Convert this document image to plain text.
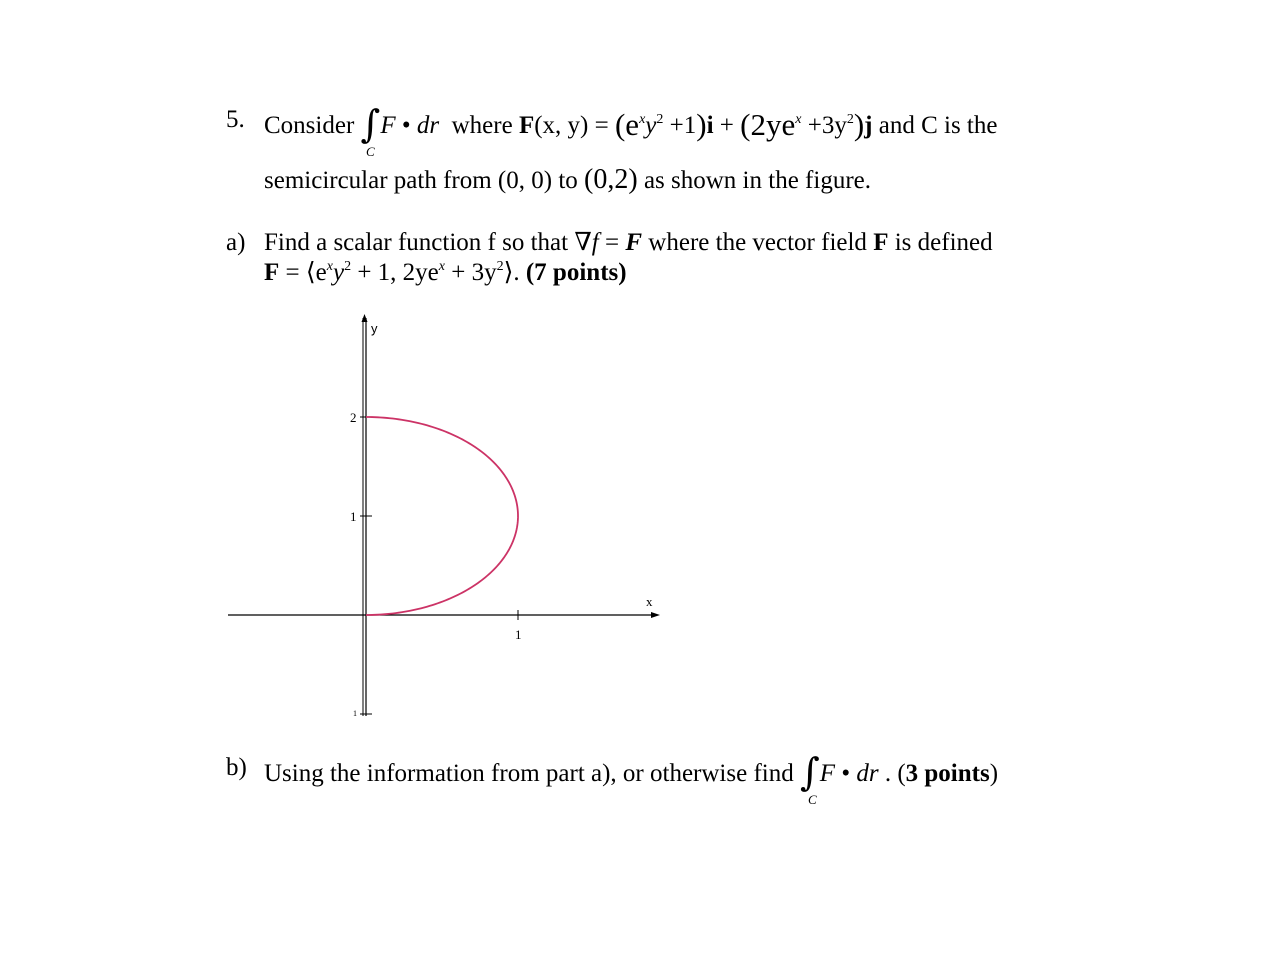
5. Consider ∫F • dr where F(x, $y) = (e^xy^2 +1)i + (2ye^x +3y^2)j$ and C is the
C
semicircular path from (0, 0) to (0,2) as shown in the figure.
a) Find a scalar function f so that ∇f = F where the vector field F is defined
$F = ⟨e^xy^2 + 1$, $2ye^x$ + $3y^2⟩$. (7 points)
x
y
1
2
1
1
b) Using the information from part a), or otherwise find ∫F • dr . (3 points)
C
